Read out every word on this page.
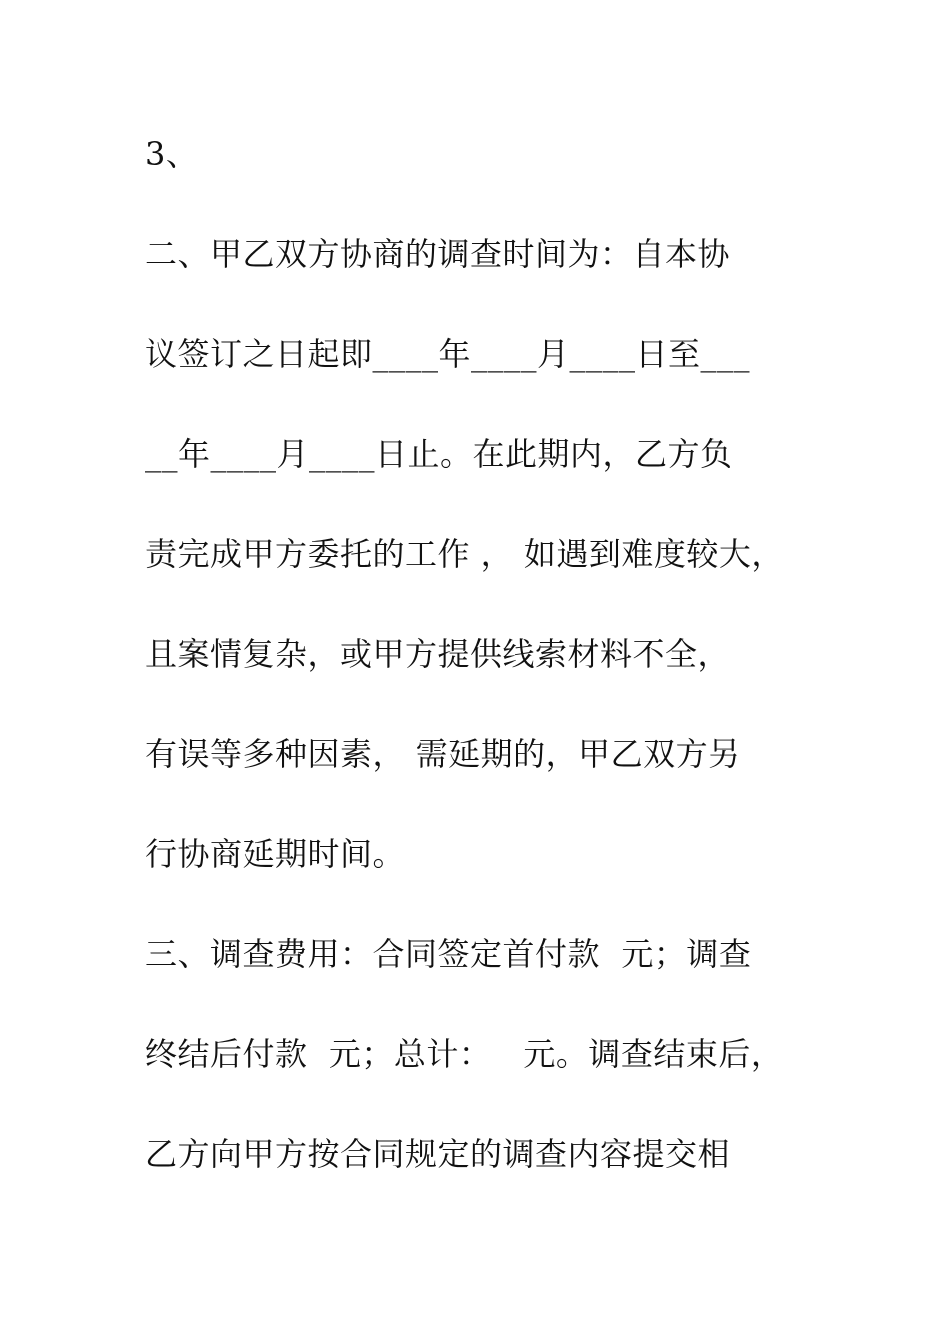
3、
二、甲乙双方协商的调查时间为：自本协
议签订之日起即____年____月____日至___
__年____月____日止。在此期内，乙方负
责完成甲方委托的工作 ， 如遇到难度较大，
且案情复杂，或甲方提供线索材料不全，
有误等多种因素， 需延期的，甲乙双方另
行协商延期时间。
三、调查费用：合同签定首付款  元；调查
终结后付款  元；总计：   元。调查结束后，
乙方向甲方按合同规定的调查内容提交相
